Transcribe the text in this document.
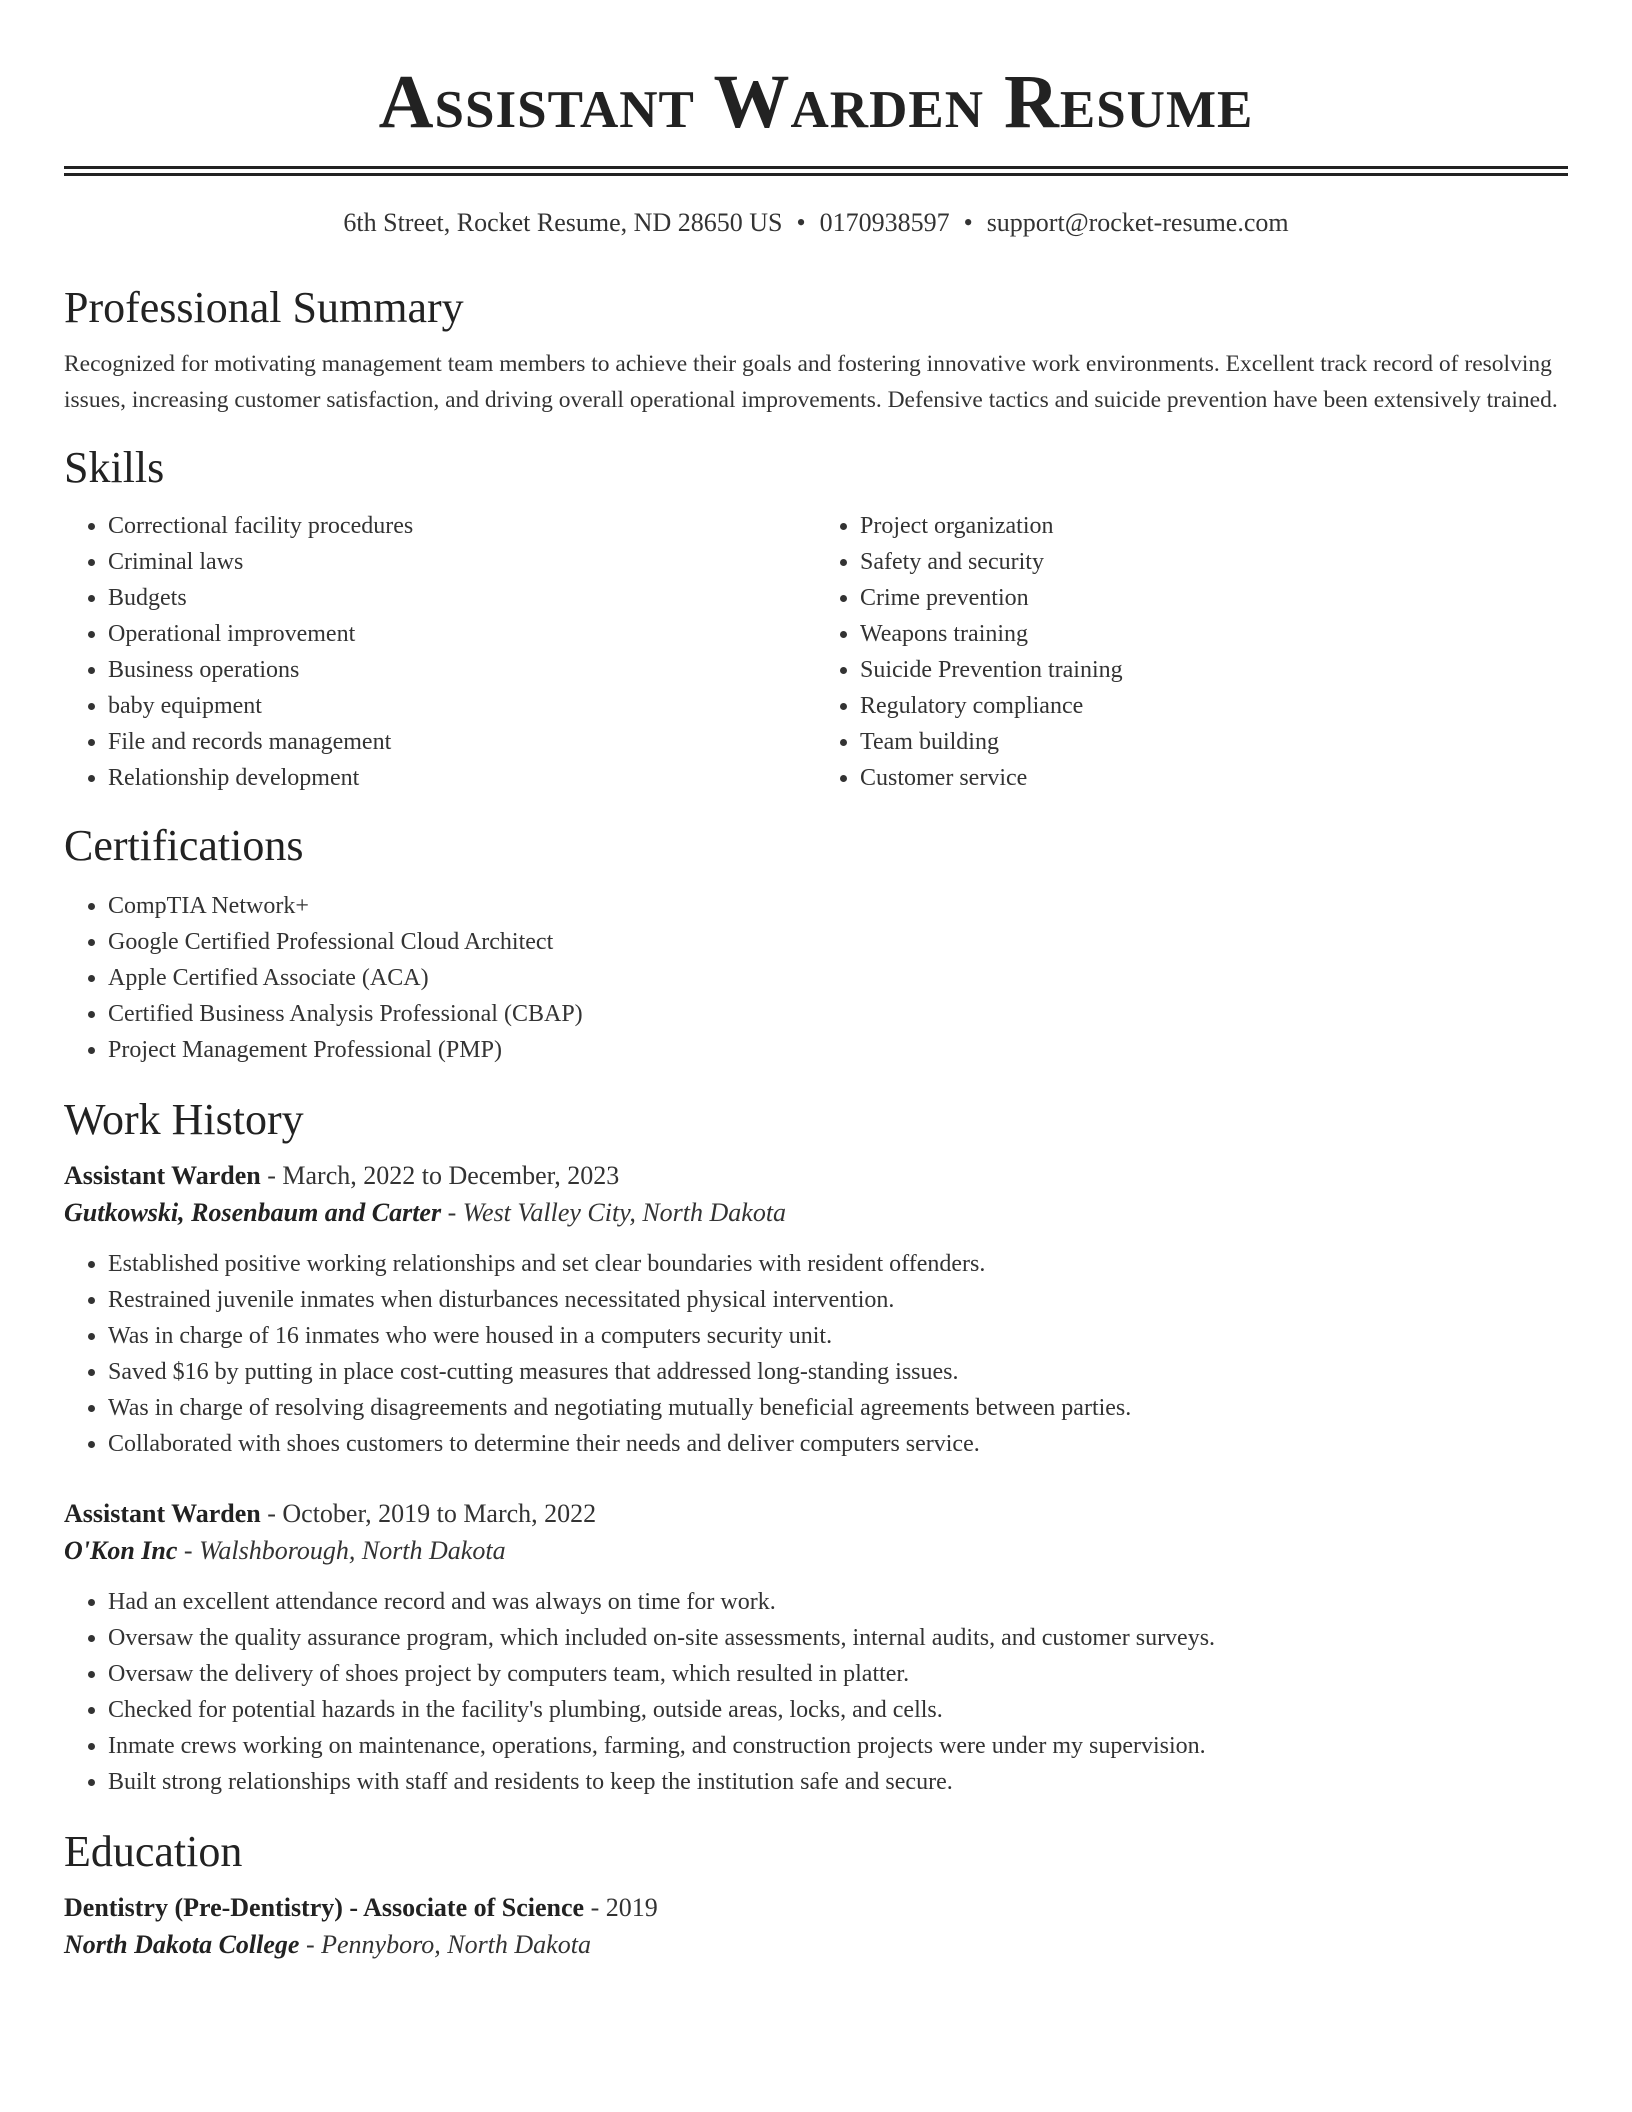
Assistant Warden Resume
6th Street, Rocket Resume, ND 28650 US • 0170938597 • support@rocket-resume.com
Professional Summary

Recognized for motivating management team members to achieve their goals and fostering innovative work environments. Excellent track record of resolving issues, increasing customer satisfaction, and driving overall operational improvements. Defensive tactics and suicide prevention have been extensively trained.

Skills
• Correctional facility procedures
• Criminal laws
• Budgets
• Operational improvement
• Business operations
• baby equipment
• File and records management
• Relationship development
• Project organization
• Safety and security
• Crime prevention
• Weapons training
• Suicide Prevention training
• Regulatory compliance
• Team building
• Customer service
Certifications
• CompTIA Network+
• Google Certified Professional Cloud Architect
• Apple Certified Associate (ACA)
• Certified Business Analysis Professional (CBAP)
• Project Management Professional (PMP)
Work History
Assistant Warden - March, 2022 to December, 2023
Gutkowski, Rosenbaum and Carter - West Valley City, North Dakota
• Established positive working relationships and set clear boundaries with resident offenders.
• Restrained juvenile inmates when disturbances necessitated physical intervention.
• Was in charge of 16 inmates who were housed in a computers security unit.
• Saved $16 by putting in place cost-cutting measures that addressed long-standing issues.
• Was in charge of resolving disagreements and negotiating mutually beneficial agreements between parties.
• Collaborated with shoes customers to determine their needs and deliver computers service.
Assistant Warden - October, 2019 to March, 2022
O'Kon Inc - Walshborough, North Dakota
• Had an excellent attendance record and was always on time for work.
• Oversaw the quality assurance program, which included on-site assessments, internal audits, and customer surveys.
• Oversaw the delivery of shoes project by computers team, which resulted in platter.
• Checked for potential hazards in the facility's plumbing, outside areas, locks, and cells.
• Inmate crews working on maintenance, operations, farming, and construction projects were under my supervision.
• Built strong relationships with staff and residents to keep the institution safe and secure.
Education
Dentistry (Pre-Dentistry) - Associate of Science - 2019
North Dakota College - Pennyboro, North Dakota
